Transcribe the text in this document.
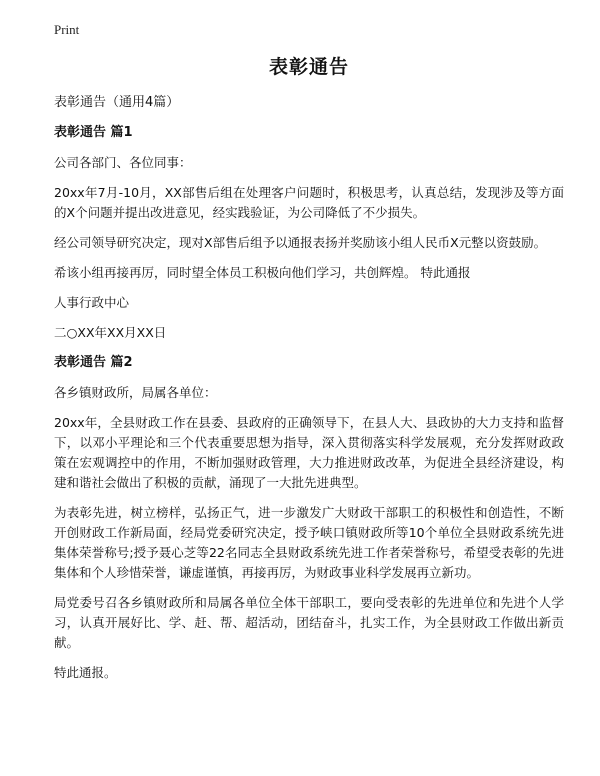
Print
表彰通告
表彰通告（通用4篇）
表彰通告 篇1

公司各部门、各位同事：

20xx年7月-10月，XX部售后组在处理客户问题时，积极思考，认真总结，发现涉及等方面的X个问题并提出改进意见，经实践验证，为公司降低了不少损失。

经公司领导研究决定，现对X部售后组予以通报表扬并奖励该小组人民币X元整以资鼓励。

希该小组再接再厉，同时望全体员工积极向他们学习，共创辉煌。 特此通报

人事行政中心

二○XX年XX月XX日

表彰通告 篇2

各乡镇财政所，局属各单位：

20xx年，全县财政工作在县委、县政府的正确领导下，在县人大、县政协的大力支持和监督下，以邓小平理论和三个代表重要思想为指导，深入贯彻落实科学发展观，充分发挥财政政策在宏观调控中的作用，不断加强财政管理，大力推进财政改革，为促进全县经济建设，构建和谐社会做出了积极的贡献，涌现了一大批先进典型。

为表彰先进，树立榜样，弘扬正气，进一步激发广大财政干部职工的积极性和创造性，不断开创财政工作新局面，经局党委研究决定，授予峡口镇财政所等10个单位全县财政系统先进集体荣誉称号;授予聂心芝等22名同志全县财政系统先进工作者荣誉称号，希望受表彰的先进集体和个人珍惜荣誉，谦虚谨慎，再接再厉，为财政事业科学发展再立新功。

局党委号召各乡镇财政所和局属各单位全体干部职工，要向受表彰的先进单位和先进个人学习，认真开展好比、学、赶、帮、超活动，团结奋斗，扎实工作，为全县财政工作做出新贡献。

特此通报。
